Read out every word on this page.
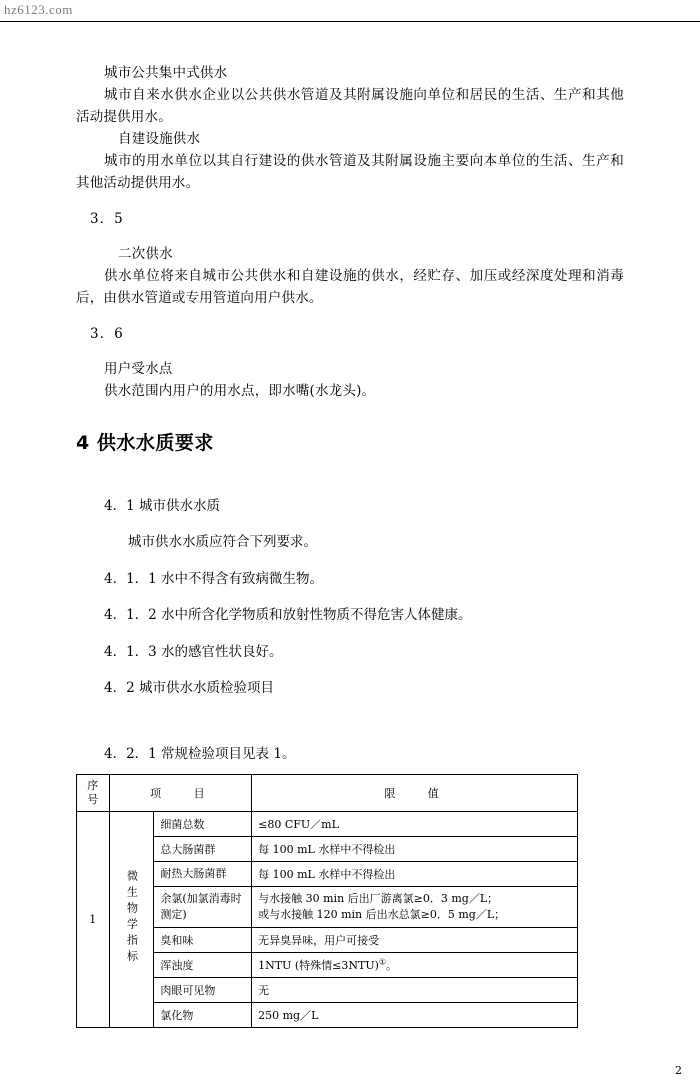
hz6123.com

城市公共集中式供水

城市自来水供水企业以公共供水管道及其附属设施向单位和居民的生活、生产和其他活动提供用水。

自建设施供水

城市的用水单位以其自行建设的供水管道及其附属设施主要向本单位的生活、生产和其他活动提供用水。

3．5

二次供水

供水单位将来自城市公共供水和自建设施的供水，经贮存、加压或经深度处理和消毒后，由供水管道或专用管道向用户供水。

3．6

用户受水点

供水范围内用户的用水点，即水嘴(水龙头)。

4 供水水质要求

4．1 城市供水水质

城市供水水质应符合下列要求。

4．1．1 水中不得含有致病微生物。

4．1．2 水中所含化学物质和放射性物质不得危害人体健康。

4．1．3 水的感官性状良好。

4．2 城市供水水质检验项目

4．2．1 常规检验项目见表 1。

序
号	项　 目		限　 值
1	微生物学指标	细菌总数	≤80 CFU／mL
		总大肠菌群	每 100 mL 水样中不得检出
		耐热大肠菌群	每 100 mL 水样中不得检出
		余氯(加氯消毒时测定)	与水接触 30 min 后出厂游离氯≥0．3 mg／L；
或与水接触 120 min 后出水总氯≥0．5 mg／L；

		臭和味	无异臭异味，用户可接受
		浑浊度	1NTU (特殊情≤3NTU)①。
		肉眼可见物	无
		氯化物	250 mg／L
2
